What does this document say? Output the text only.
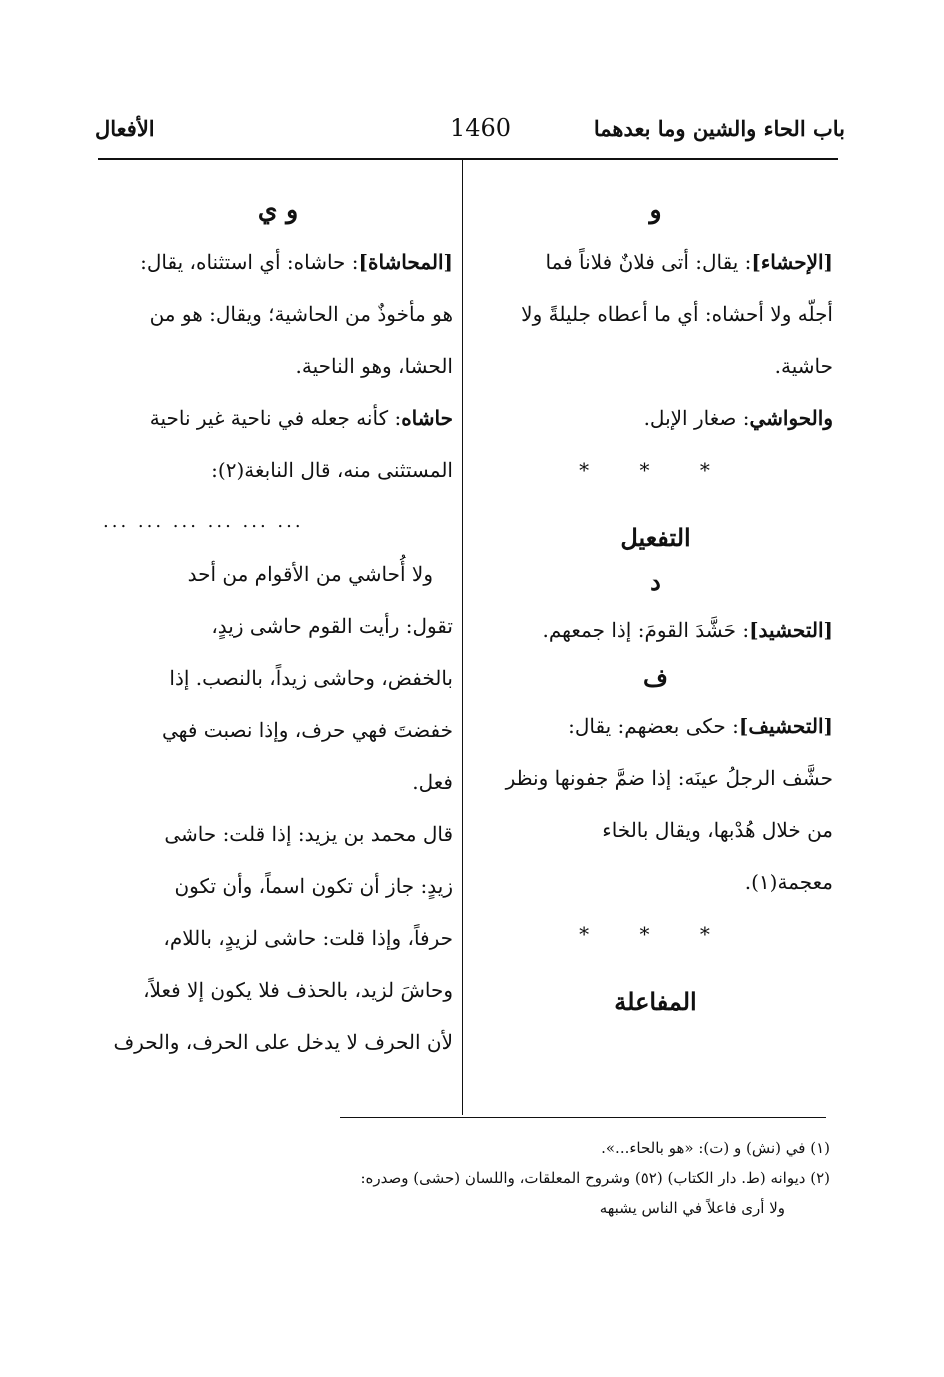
باب الحاء والشين وما بعدهما
1460
الأفعال
و
[الإحشاء]: يقال: أتى فلانٌ فلاناً فما
أجلّه ولا أحشاه: أي ما أعطاه جليلةً ولا
حاشية.
والحواشي: صغار الإبل.
* * *
التفعيل
د
[التحشيد]: حَشَّدَ القومَ: إذا جمعهم.
ف
[التحشيف]: حكى بعضهم: يقال:
حشَّف الرجلُ عينَه: إذا ضمَّ جفونها ونظر
من خلال هُدْبها، ويقال بالخاء
معجمة(١).
* * *
المفاعلة
و ي
[المحاشاة]: حاشاه: أي استثناه، يقال:
هو مأخوذٌ من الحاشية؛ ويقال: هو من
الحشا، وهو الناحية.
حاشاه: كأنه جعله في ناحية غير ناحية
المستثنى منه، قال النابغة(٢):
... ... ... ... ... ...
ولا أُحاشي من الأقوام من أحد
تقول: رأيت القوم حاشى زيدٍ،
بالخفض، وحاشى زيداً، بالنصب. إذا
خفضتَ فهي حرف، وإذا نصبت فهي
فعل.
قال محمد بن يزيد: إذا قلت: حاشى
زيدٍ: جاز أن تكون اسماً، وأن تكون
حرفاً، وإذا قلت: حاشى لزيدٍ، باللام،
وحاشَ لزيد، بالحذف فلا يكون إلا فعلاً،
لأن الحرف لا يدخل على الحرف، والحرف
(١) في (نش) و (ت): «هو بالحاء...».
(٢) ديوانه (ط. دار الكتاب) (٥٢) وشروح المعلقات، واللسان (حشى) وصدره:
ولا أرى فاعلاً في الناس يشبهه
